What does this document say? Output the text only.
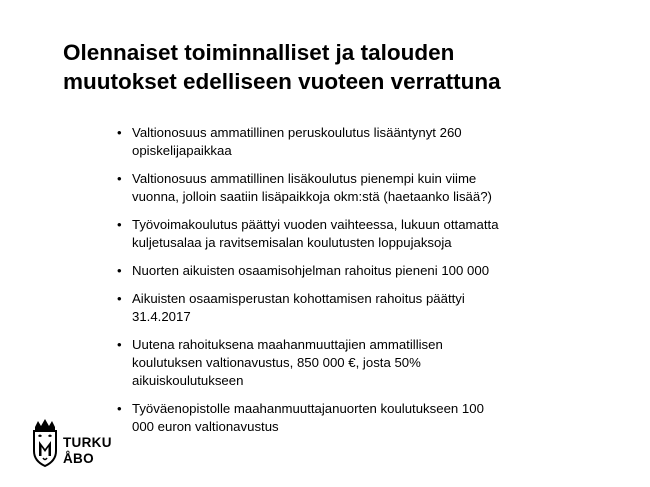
Olennaiset toiminnalliset ja talouden
muutokset edelliseen vuoteen verrattuna
• Valtionosuus ammatillinen peruskoulutus lisääntynyt 260
opiskelijapaikkaa
• Valtionosuus ammatillinen lisäkoulutus pienempi kuin viime
vuonna, jolloin saatiin lisäpaikkoja okm:stä (haetaanko lisää?)
• Työvoimakoulutus päättyi vuoden vaihteessa, lukuun ottamatta
kuljetusalaa ja ravitsemisalan koulutusten loppujaksoja
• Nuorten aikuisten osaamisohjelman rahoitus pieneni 100 000
• Aikuisten osaamisperustan kohottamisen rahoitus päättyi
31.4.2017
• Uutena rahoituksena maahanmuuttajien ammatillisen
koulutuksen valtionavustus, 850 000 €, josta 50%
aikuiskoulutukseen
• Työväenopistolle maahanmuuttajanuorten koulutukseen 100
000 euron valtionavustus
TURKU
ÅBO
